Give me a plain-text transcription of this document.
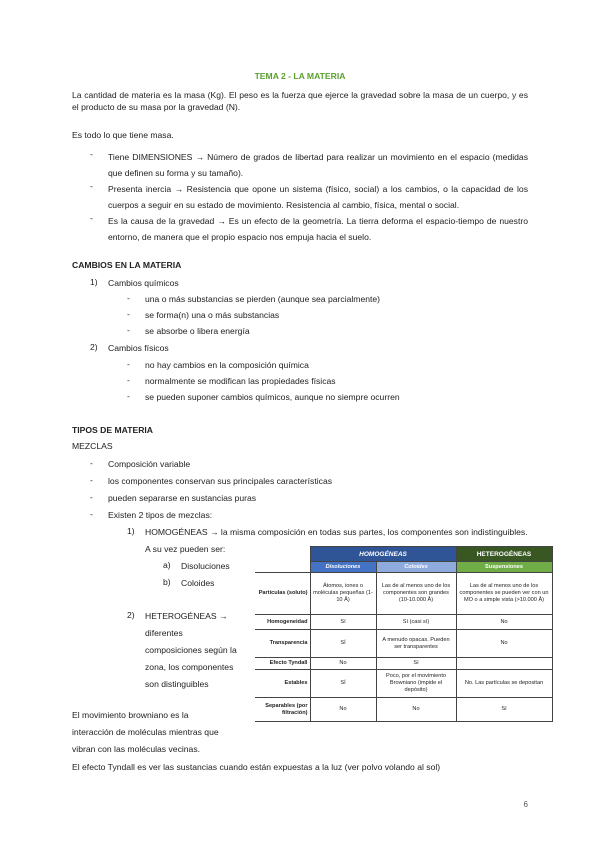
TEMA 2 - LA MATERIA
La cantidad de materia es la masa (Kg). El peso es la fuerza que ejerce la gravedad sobre la masa de un cuerpo, y es el producto de su masa por la gravedad (N).
Es todo lo que tiene masa.
- Tiene DIMENSIONES → Número de grados de libertad para realizar un movimiento en el espacio (medidas que definen su forma y su tamaño).
- Presenta inercia → Resistencia que opone un sistema (físico, social) a los cambios, o la capacidad de los cuerpos a seguir en su estado de movimiento. Resistencia al cambio, física, mental o social.
- Es la causa de la gravedad → Es un efecto de la geometría. La tierra deforma el espacio-tiempo de nuestro entorno, de manera que el propio espacio nos empuja hacia el suelo.
CAMBIOS EN LA MATERIA
1) Cambios químicos
- una o más substancias se pierden (aunque sea parcialmente)
- se forma(n) una o más substancias
- se absorbe o libera energía
2) Cambios físicos
- no hay cambios en la composición química
- normalmente se modifican las propiedades físicas
- se pueden suponer cambios químicos, aunque no siempre ocurren
TIPOS DE MATERIA
MEZCLAS
- Composición variable
- los componentes conservan sus principales características
- pueden separarse en sustancias puras
- Existen 2 tipos de mezclas:
1) HOMOGÉNEAS → la misma composición en todas sus partes, los componentes son indistinguibles.
A su vez pueden ser:
a) Disoluciones
b) Coloides
2) HETEROGÉNEAS →
diferentes
composiciones según la
zona, los componentes
son distinguibles
El movimiento browniano es la
interacción de moléculas mientras que
vibran con las moléculas vecinas.
El efecto Tyndall es ver las sustancias cuando están expuestas a la luz (ver polvo volando al sol)
	HOMOGÉNEAS		HETEROGÉNEAS
	Disoluciones	Coloides	Suspensiones
Partículas (soluto)	Átomos, iones o moléculas pequeñas (1-10 Å)	Las de al menos uno de los componentes son grandes (10-10.000 Å)	Las de al menos uno de los componentes se pueden ver con un MO o a simple vista (>10.000 Å)
Homogeneidad	Sí	Sí (casi sí)	No
Transparencia	SÍ	A menudo opacas. Pueden ser transparentes	No
Efecto Tyndall	No	Sí	
Estables	SÍ	Poco, por el movimiento Browniano (impide el depósito)	No. Las partículas se depositan
Separables (por filtración)	No	No	Sí
6
